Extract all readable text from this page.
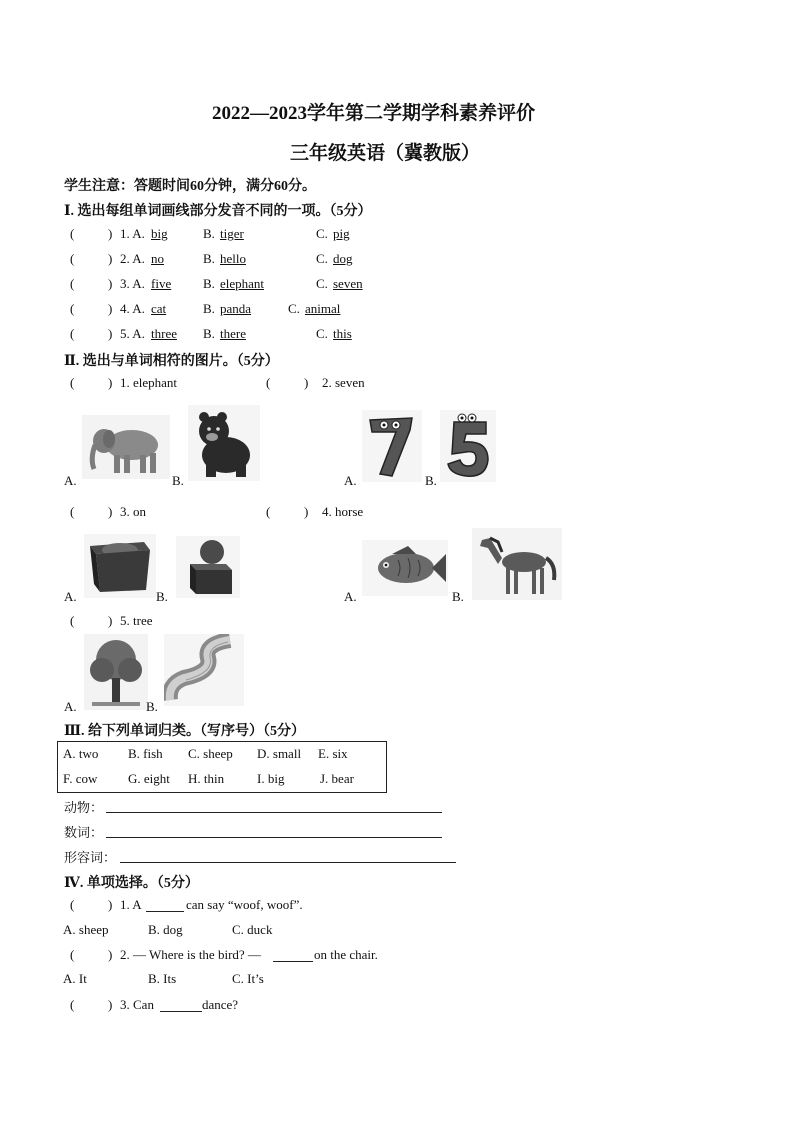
2022—2023学年第二学期学科素养评价
三年级英语（冀教版）
学生注意：答题时间60分钟，满分60分。
Ⅰ. 选出每组单词画线部分发音不同的一项。（5分）
(	) 1. A. big	B. tiger	C. pig
(	) 2. A. no	B. hello	C. dog
(	) 3. A. five B. elephant	C. seven
(	) 4. A. cat	B. panda	C. animal
(	) 5. A. three B. there	C. this
Ⅱ. 选出与单词相符的图片。（5分）
(	) 1. elephant	(	) 2. seven
A.	B.	A.	B.
(	) 3. on	(	) 4. horse
A.	B.	A.	B.
(	) 5. tree
A.	B.
Ⅲ. 给下列单词归类。（写序号）（5分）
A. two B. fish C. sheep D. small E. six
F. cow G. eight H. thin	I. big	J. bear
动物：
数词：
形容词：
Ⅳ. 单项选择。（5分）
(	) 1. A	can say “woof, woof”.
A. sheep	B. dog	C. duck
(	) 2. — Where is the bird? —	on the chair.
A. It	B. Its	C. It’s
(	) 3. Can	dance?
